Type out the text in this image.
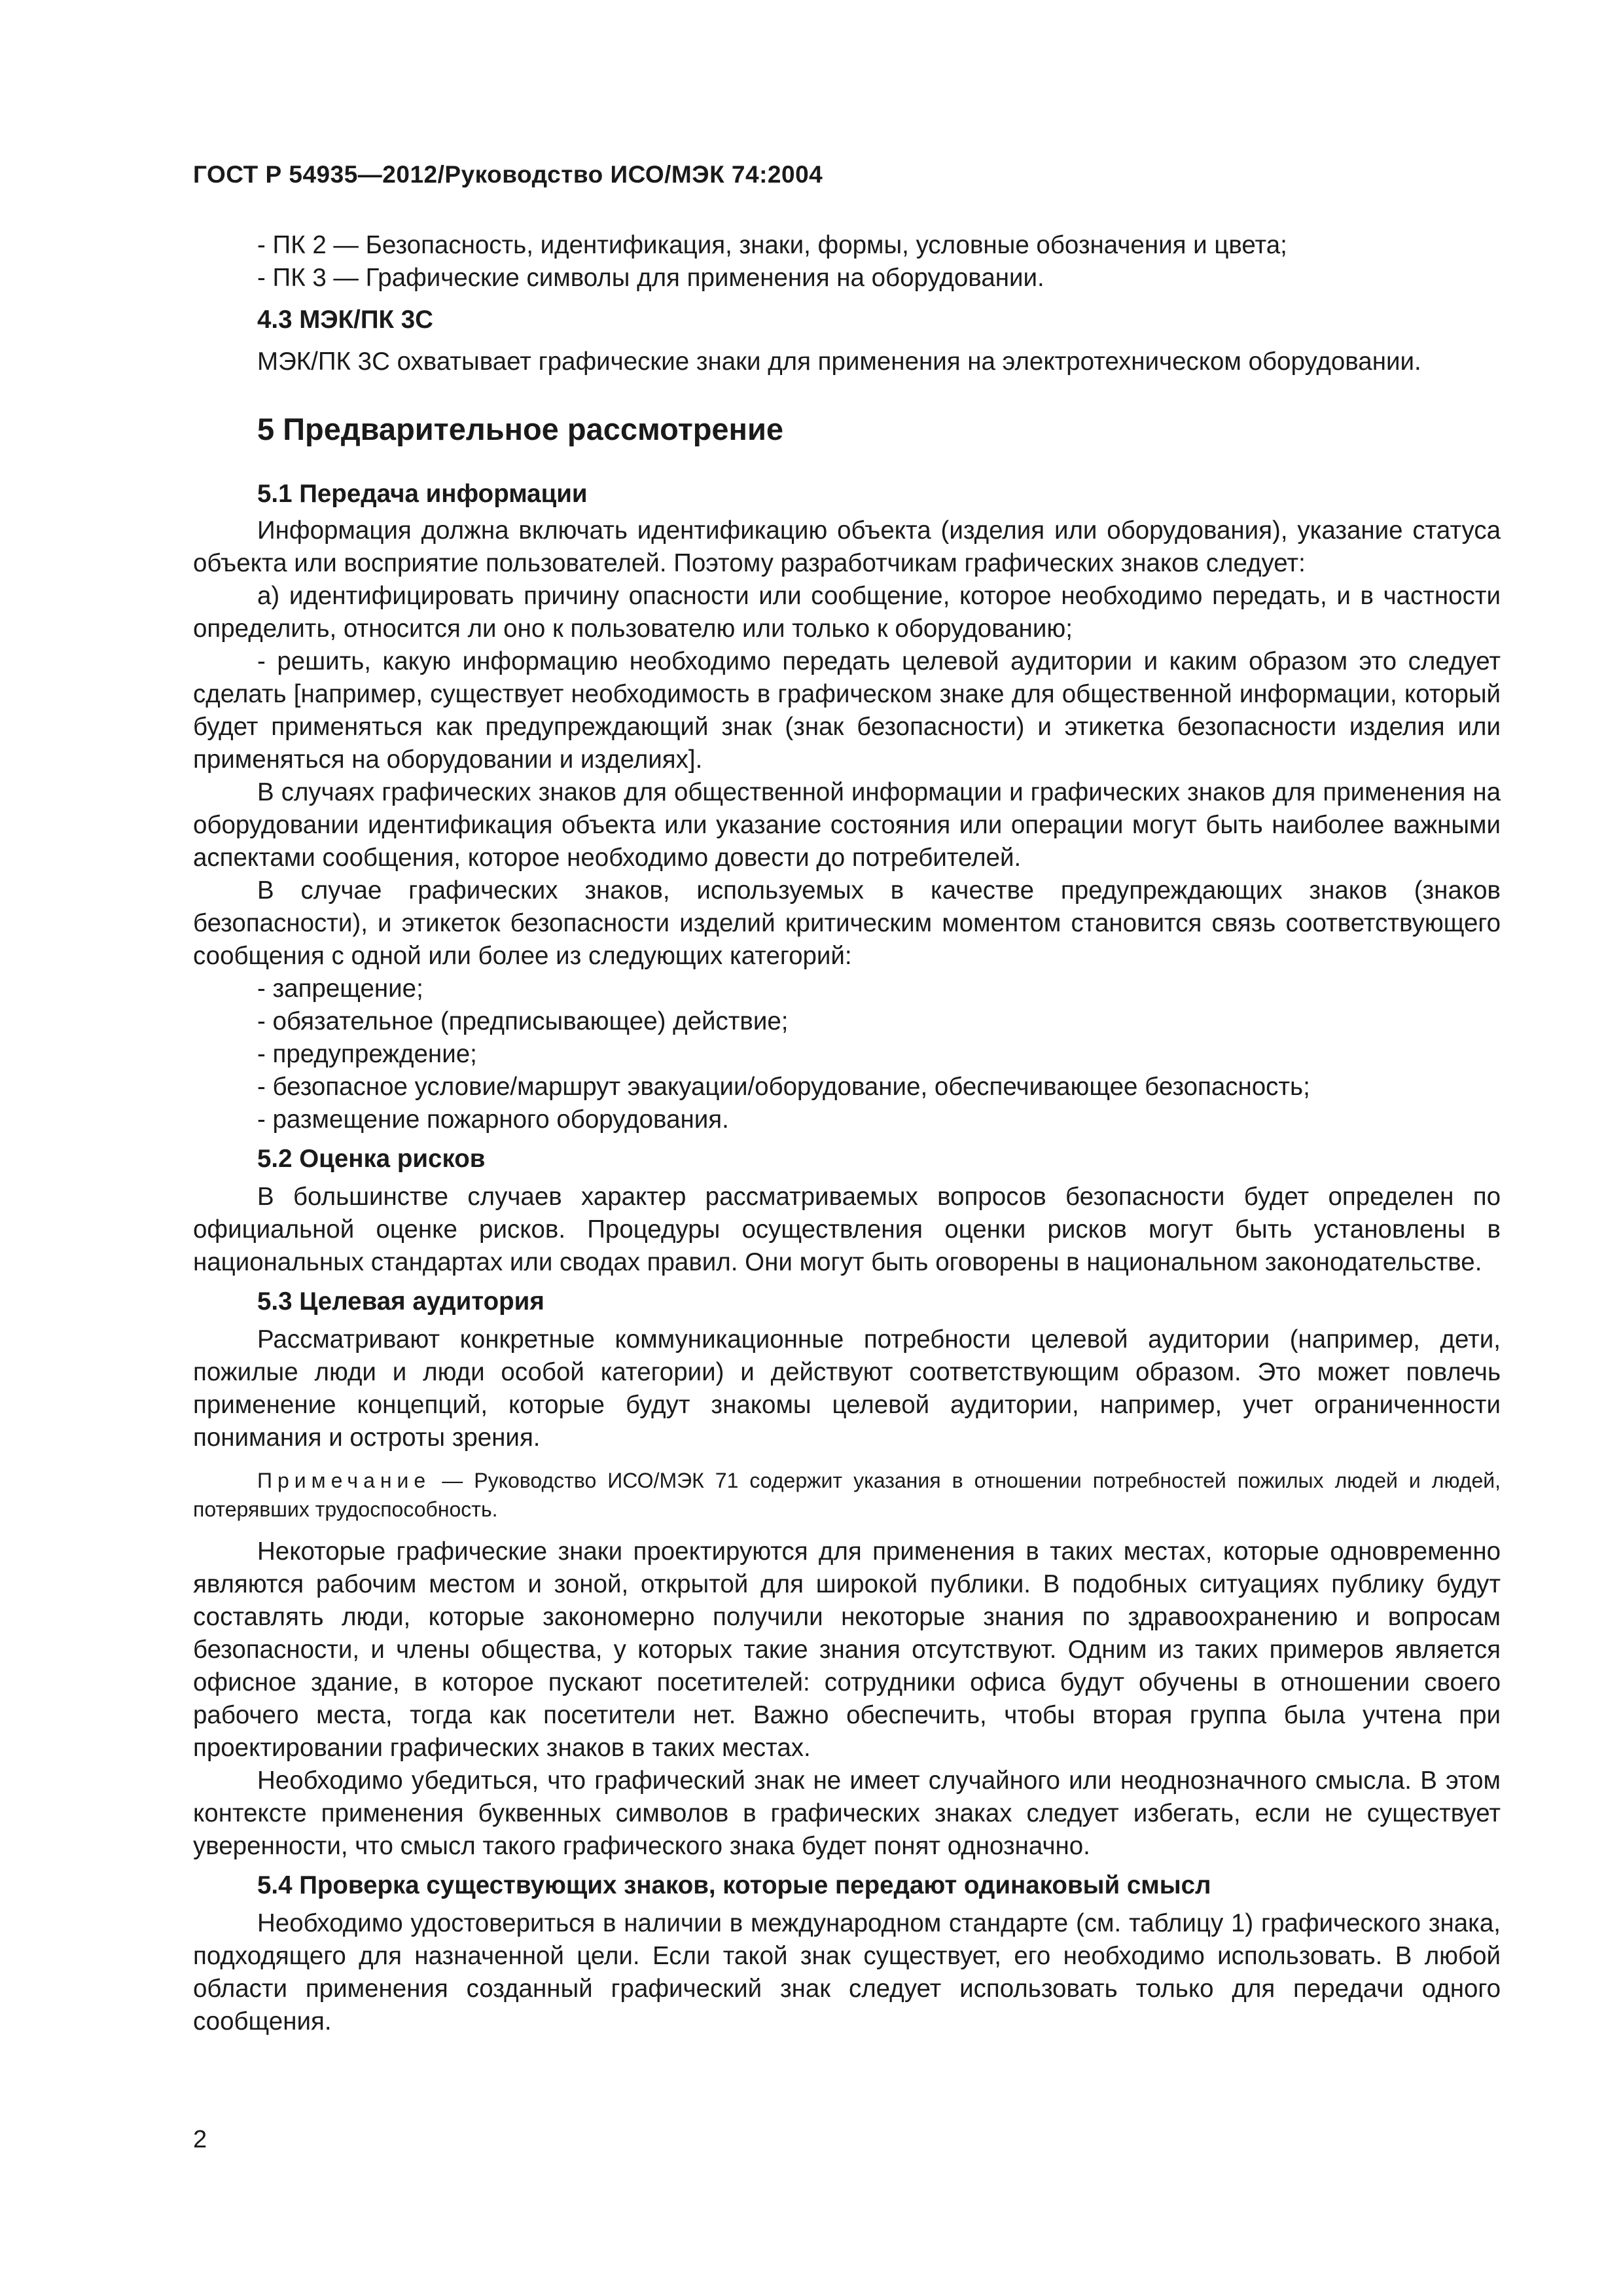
ГОСТ Р 54935—2012/Руководство ИСО/МЭК 74:2004

- ПК 2 — Безопасность, идентификация, знаки, формы, условные обозначения и цвета;

- ПК 3 — Графические символы для применения на оборудовании.

4.3 МЭК/ПК 3С

МЭК/ПК 3С охватывает графические знаки для применения на электротехническом оборудовании.

5 Предварительное рассмотрение

5.1 Передача информации

Информация должна включать идентификацию объекта (изделия или оборудования), указание статуса объекта или восприятие пользователей. Поэтому разработчикам графических знаков следует:

а) идентифицировать причину опасности или сообщение, которое необходимо передать, и в частности определить, относится ли оно к пользователю или только к оборудованию;

- решить, какую информацию необходимо передать целевой аудитории и каким образом это следует сделать [например, существует необходимость в графическом знаке для общественной информации, который будет применяться как предупреждающий знак (знак безопасности) и этикетка безопасности изделия или применяться на оборудовании и изделиях].

В случаях графических знаков для общественной информации и графических знаков для применения на оборудовании идентификация объекта или указание состояния или операции могут быть наиболее важными аспектами сообщения, которое необходимо довести до потребителей.

В случае графических знаков, используемых в качестве предупреждающих знаков (знаков безопасности), и этикеток безопасности изделий критическим моментом становится связь соответствующего сообщения с одной или более из следующих категорий:

- запрещение;

- обязательное (предписывающее) действие;

- предупреждение;

- безопасное условие/маршрут эвакуации/оборудование, обеспечивающее безопасность;

- размещение пожарного оборудования.

5.2 Оценка рисков

В большинстве случаев характер рассматриваемых вопросов безопасности будет определен по официальной оценке рисков. Процедуры осуществления оценки рисков могут быть установлены в национальных стандартах или сводах правил. Они могут быть оговорены в национальном законодательстве.

5.3 Целевая аудитория

Рассматривают конкретные коммуникационные потребности целевой аудитории (например, дети, пожилые люди и люди особой категории) и действуют соответствующим образом. Это может повлечь применение концепций, которые будут знакомы целевой аудитории, например, учет ограниченности понимания и остроты зрения.

Примечание — Руководство ИСО/МЭК 71 содержит указания в отношении потребностей пожилых людей и людей, потерявших трудоспособность.

Некоторые графические знаки проектируются для применения в таких местах, которые одновременно являются рабочим местом и зоной, открытой для широкой публики. В подобных ситуациях публику будут составлять люди, которые закономерно получили некоторые знания по здравоохранению и вопросам безопасности, и члены общества, у которых такие знания отсутствуют. Одним из таких примеров является офисное здание, в которое пускают посетителей: сотрудники офиса будут обучены в отношении своего рабочего места, тогда как посетители нет. Важно обеспечить, чтобы вторая группа была учтена при проектировании графических знаков в таких местах.

Необходимо убедиться, что графический знак не имеет случайного или неоднозначного смысла. В этом контексте применения буквенных символов в графических знаках следует избегать, если не существует уверенности, что смысл такого графического знака будет понят однозначно.

5.4 Проверка существующих знаков, которые передают одинаковый смысл

Необходимо удостовериться в наличии в международном стандарте (см. таблицу 1) графического знака, подходящего для назначенной цели. Если такой знак существует, его необходимо использовать. В любой области применения созданный графический знак следует использовать только для передачи одного сообщения.

2
